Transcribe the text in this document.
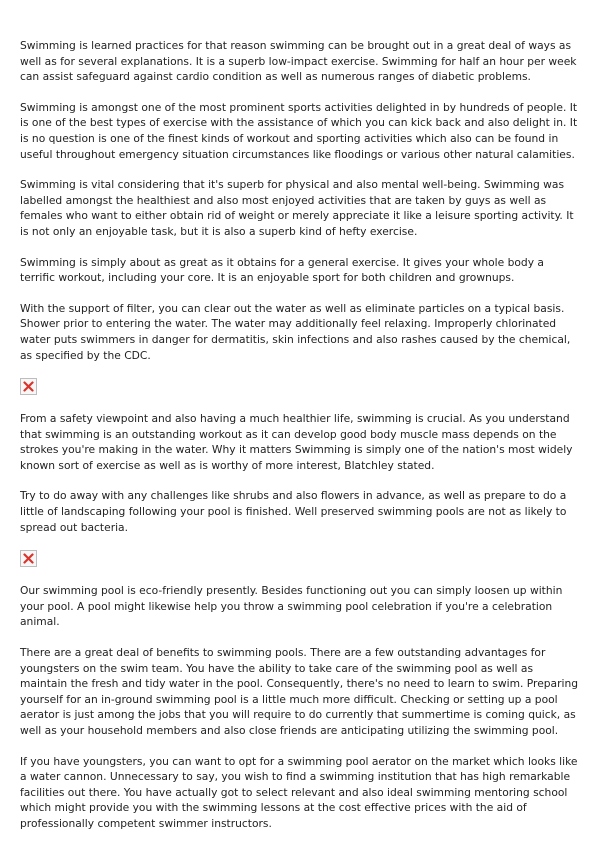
Swimming is learned practices for that reason swimming can be brought out in a great deal of ways as well as for several explanations. It is a superb low-impact exercise. Swimming for half an hour per week can assist safeguard against cardio condition as well as numerous ranges of diabetic problems.

Swimming is amongst one of the most prominent sports activities delighted in by hundreds of people. It is one of the best types of exercise with the assistance of which you can kick back and also delight in. It is no question is one of the finest kinds of workout and sporting activities which also can be found in useful throughout emergency situation circumstances like floodings or various other natural calamities.

Swimming is vital considering that it's superb for physical and also mental well-being. Swimming was labelled amongst the healthiest and also most enjoyed activities that are taken by guys as well as females who want to either obtain rid of weight or merely appreciate it like a leisure sporting activity. It is not only an enjoyable task, but it is also a superb kind of hefty exercise.

Swimming is simply about as great as it obtains for a general exercise. It gives your whole body a terrific workout, including your core. It is an enjoyable sport for both children and grownups.

With the support of filter, you can clear out the water as well as eliminate particles on a typical basis. Shower prior to entering the water. The water may additionally feel relaxing. Improperly chlorinated water puts swimmers in danger for dermatitis, skin infections and also rashes caused by the chemical, as specified by the CDC.

From a safety viewpoint and also having a much healthier life, swimming is crucial. As you understand that swimming is an outstanding workout as it can develop good body muscle mass depends on the strokes you're making in the water. Why it matters Swimming is simply one of the nation's most widely known sort of exercise as well as is worthy of more interest, Blatchley stated.

Try to do away with any challenges like shrubs and also flowers in advance, as well as prepare to do a little of landscaping following your pool is finished. Well preserved swimming pools are not as likely to spread out bacteria.

Our swimming pool is eco-friendly presently. Besides functioning out you can simply loosen up within your pool. A pool might likewise help you throw a swimming pool celebration if you're a celebration animal.

There are a great deal of benefits to swimming pools. There are a few outstanding advantages for youngsters on the swim team. You have the ability to take care of the swimming pool as well as maintain the fresh and tidy water in the pool. Consequently, there's no need to learn to swim. Preparing yourself for an in-ground swimming pool is a little much more difficult. Checking or setting up a pool aerator is just among the jobs that you will require to do currently that summertime is coming quick, as well as your household members and also close friends are anticipating utilizing the swimming pool.

If you have youngsters, you can want to opt for a swimming pool aerator on the market which looks like a water cannon. Unnecessary to say, you wish to find a swimming institution that has high remarkable facilities out there. You have actually got to select relevant and also ideal swimming mentoring school which might provide you with the swimming lessons at the cost effective prices with the aid of professionally competent swimmer instructors.
